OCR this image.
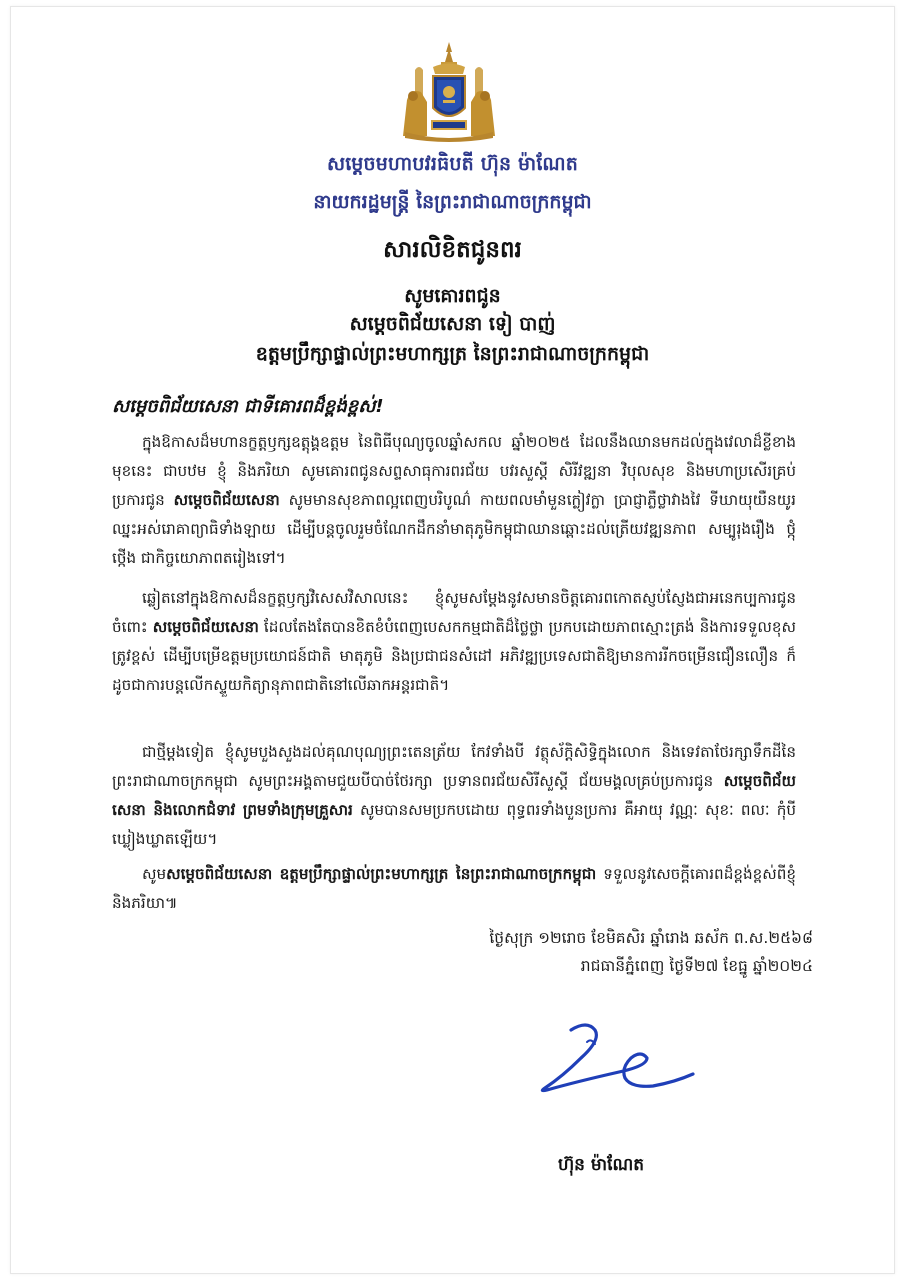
សម្តេចមហាបវរធិបតី ហ៊ុន ម៉ាណែត
នាយករដ្ឋមន្ត្រី នៃព្រះរាជាណាចក្រកម្ពុជា
សារលិខិតជូនពរ
សូមគោរពជូន
សម្តេចពិជ័យសេនា ទៀ បាញ់
ឧត្តមប្រឹក្សាផ្ទាល់ព្រះមហាក្សត្រ នៃព្រះរាជាណាចក្រកម្ពុជា
សម្តេចពិជ័យសេនា ជាទីគោរពដ៏ខ្ពង់ខ្ពស់!
ក្នុងឱកាសដ៏មហានក្ខត្តឫក្សឧត្តុង្គឧត្តម នៃពិធីបុណ្យចូលឆ្នាំសកល ឆ្នាំ២០២៥ ដែលនឹងឈានមកដល់ក្នុងវេលាដ៏ខ្លីខាងមុខនេះ ជាបឋម ខ្ញុំ និងភរិយា សូមគោរពជូនសព្ទសាធុការពរជ័យ បវរសួស្តី សិរីវឌ្ឍនា វិបុលសុខ និងមហាប្រសើរគ្រប់ប្រការជូន សម្តេចពិជ័យសេនា សូមមានសុខភាពល្អពេញបរិបូណ៌ កាយពលមាំមួនក្លៀវក្លា ប្រាជ្ញាភ្លឺថ្លាវាងវៃ ទីឃាយុយឺនយូរ ឈ្នះអស់រោគាព្យាធិទាំងឡាយ ដើម្បីបន្តចូលរួមចំណែកដឹកនាំមាតុភូមិកម្ពុជាឈានឆ្ពោះដល់ត្រើយវឌ្ឍនភាព សម្បូរុងរឿង ថ្កុំថ្កើង ជាកិច្ចយោភាពតរៀងទៅ។
ឆ្លៀតនៅក្នុងឱកាសដ៏នក្ខត្តឫក្សវិសេសវិសាលនេះ ខ្ញុំសូមសម្តែងនូវសមានចិត្តគោរពកោតស្ញប់ស្ញែងជាអនេកប្បការជូនចំពោះ សម្តេចពិជ័យសេនា ដែលតែងតែបានខិតខំបំពេញបេសកកម្មជាតិដ៏ថ្លៃថ្លា ប្រកបដោយភាពស្មោះត្រង់ និងការទទួលខុសត្រូវខ្ពស់ ដើម្បីបម្រើឧត្តមប្រយោជន៍ជាតិ មាតុភូមិ និងប្រជាជនសំដៅ អភិវឌ្ឍប្រទេសជាតិឱ្យមានការរីកចម្រើនជឿនលឿន ក៏ដូចជាការបន្តលើកស្ទួយកិត្យានុភាពជាតិនៅលើឆាកអន្តរជាតិ។
ជាថ្មីម្តងទៀត ខ្ញុំសូមបួងសួងដល់គុណបុណ្យព្រះតេនត្រ័យ កែវទាំងបី វត្ថុស័ក្តិសិទ្ធិក្នុងលោក និងទេវតាថែរក្សាទឹកដីនៃព្រះរាជាណាចក្រកម្ពុជា សូមព្រះអង្គតាមជួយបីបាច់ថែរក្សា ប្រទានពរជ័យសិរីសួស្តី ជ័យមង្គលគ្រប់ប្រការជូន សម្តេចពិជ័យសេនា និងលោកជំទាវ ព្រមទាំងក្រុមគ្រួសារ សូមបានសមប្រកបដោយ ពុទ្ធពរទាំងបួនប្រការ គឺអាយុ វណ្ណៈ សុខៈ ពលៈ កុំបីឃ្លៀងឃ្លាតឡើយ។
សូមសម្តេចពិជ័យសេនា ឧត្តមប្រឹក្សាផ្ទាល់ព្រះមហាក្សត្រ នៃព្រះរាជាណាចក្រកម្ពុជា ទទួលនូវសេចក្តីគោរពដ៏ខ្ពង់ខ្ពស់ពីខ្ញុំ និងភរិយា៕
ថ្ងៃសុក្រ ១២រោច ខែមិគសិរ ឆ្នាំរោង ឆស័ក ព.ស.២៥៦៨
រាជធានីភ្នំពេញ ថ្ងៃទី២៧ ខែធ្នូ ឆ្នាំ២០២៤
ហ៊ុន ម៉ាណែត
